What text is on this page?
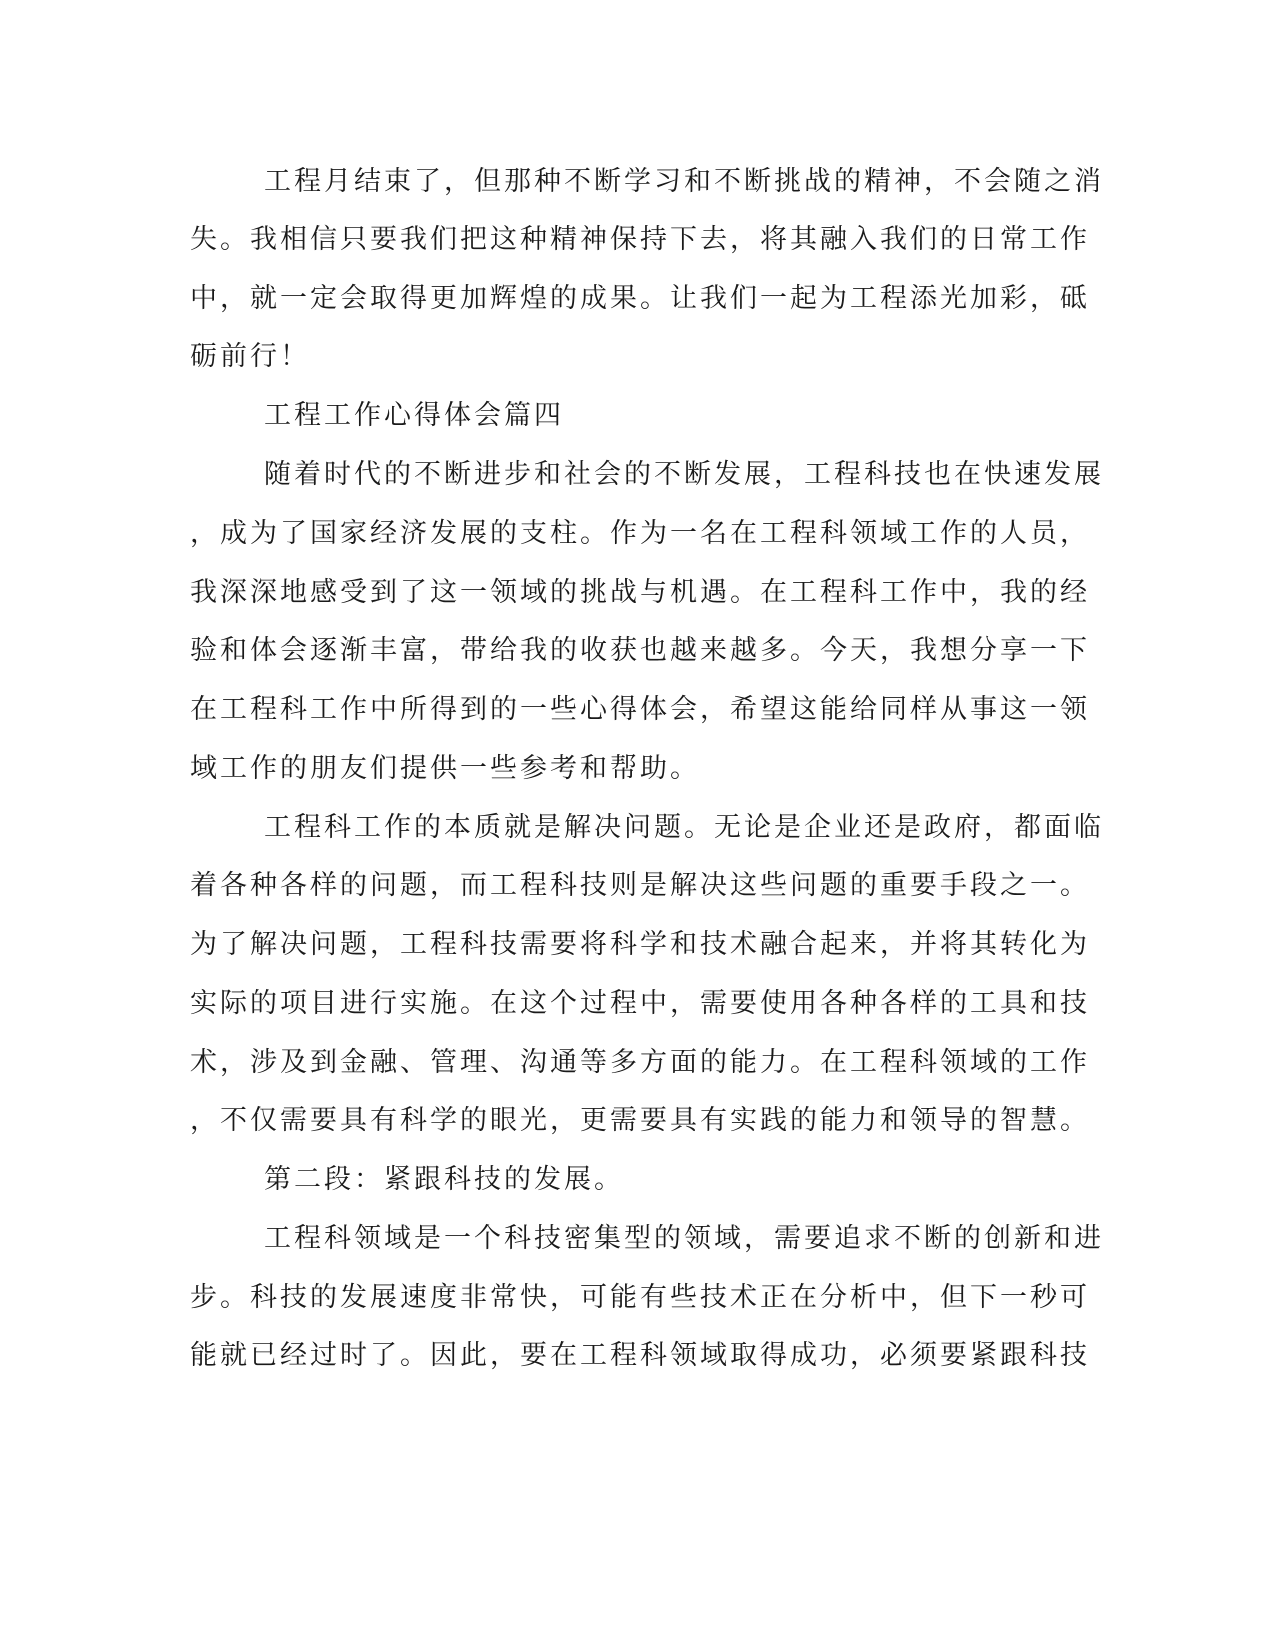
工程月结束了，但那种不断学习和不断挑战的精神，不会随之消
失。我相信只要我们把这种精神保持下去，将其融入我们的日常工作
中，就一定会取得更加辉煌的成果。让我们一起为工程添光加彩，砥
砺前行！
工程工作心得体会篇四
随着时代的不断进步和社会的不断发展，工程科技也在快速发展
，成为了国家经济发展的支柱。作为一名在工程科领域工作的人员，
我深深地感受到了这一领域的挑战与机遇。在工程科工作中，我的经
验和体会逐渐丰富，带给我的收获也越来越多。今天，我想分享一下
在工程科工作中所得到的一些心得体会，希望这能给同样从事这一领
域工作的朋友们提供一些参考和帮助。
工程科工作的本质就是解决问题。无论是企业还是政府，都面临
着各种各样的问题，而工程科技则是解决这些问题的重要手段之一。
为了解决问题，工程科技需要将科学和技术融合起来，并将其转化为
实际的项目进行实施。在这个过程中，需要使用各种各样的工具和技
术，涉及到金融、管理、沟通等多方面的能力。在工程科领域的工作
，不仅需要具有科学的眼光，更需要具有实践的能力和领导的智慧。
第二段：紧跟科技的发展。
工程科领域是一个科技密集型的领域，需要追求不断的创新和进
步。科技的发展速度非常快，可能有些技术正在分析中，但下一秒可
能就已经过时了。因此，要在工程科领域取得成功，必须要紧跟科技
